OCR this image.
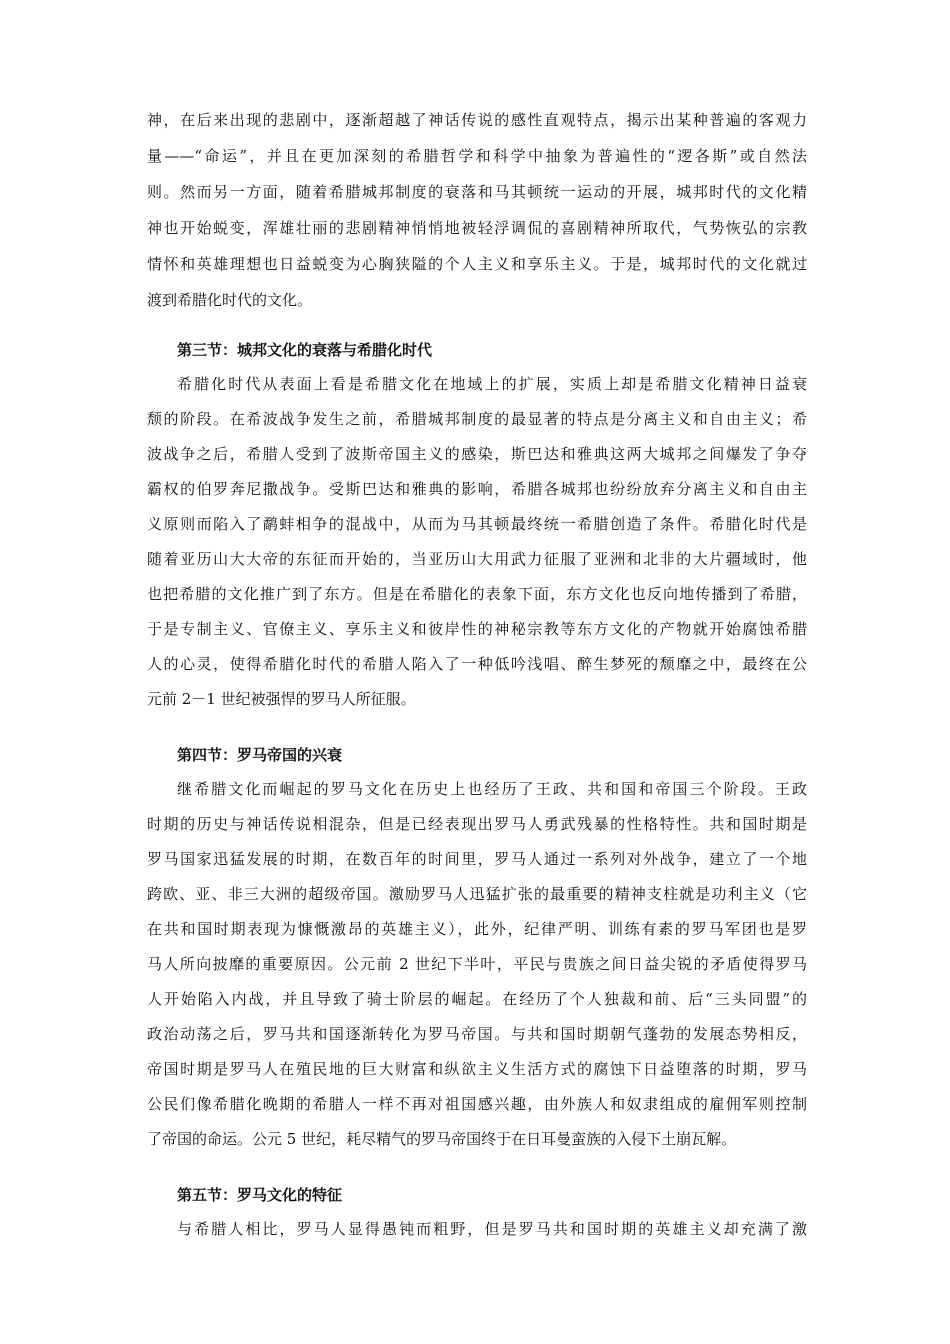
神，在后来出现的悲剧中，逐渐超越了神话传说的感性直观特点，揭示出某种普遍的客观力
量——“命运”，并且在更加深刻的希腊哲学和科学中抽象为普遍性的“逻各斯”或自然法
则。然而另一方面，随着希腊城邦制度的衰落和马其顿统一运动的开展，城邦时代的文化精
神也开始蜕变，浑雄壮丽的悲剧精神悄悄地被轻浮调侃的喜剧精神所取代，气势恢弘的宗教
情怀和英雄理想也日益蜕变为心胸狭隘的个人主义和享乐主义。于是，城邦时代的文化就过
渡到希腊化时代的文化。
第三节：城邦文化的衰落与希腊化时代
希腊化时代从表面上看是希腊文化在地域上的扩展，实质上却是希腊文化精神日益衰
颓的阶段。在希波战争发生之前，希腊城邦制度的最显著的特点是分离主义和自由主义；希
波战争之后，希腊人受到了波斯帝国主义的感染，斯巴达和雅典这两大城邦之间爆发了争夺
霸权的伯罗奔尼撒战争。受斯巴达和雅典的影响，希腊各城邦也纷纷放弃分离主义和自由主
义原则而陷入了鹬蚌相争的混战中，从而为马其顿最终统一希腊创造了条件。希腊化时代是
随着亚历山大大帝的东征而开始的，当亚历山大用武力征服了亚洲和北非的大片疆域时，他
也把希腊的文化推广到了东方。但是在希腊化的表象下面，东方文化也反向地传播到了希腊，
于是专制主义、官僚主义、享乐主义和彼岸性的神秘宗教等东方文化的产物就开始腐蚀希腊
人的心灵，使得希腊化时代的希腊人陷入了一种低吟浅唱、醉生梦死的颓靡之中，最终在公
元前 2－1 世纪被强悍的罗马人所征服。
第四节：罗马帝国的兴衰
继希腊文化而崛起的罗马文化在历史上也经历了王政、共和国和帝国三个阶段。王政
时期的历史与神话传说相混杂，但是已经表现出罗马人勇武残暴的性格特性。共和国时期是
罗马国家迅猛发展的时期，在数百年的时间里，罗马人通过一系列对外战争，建立了一个地
跨欧、亚、非三大洲的超级帝国。激励罗马人迅猛扩张的最重要的精神支柱就是功利主义（它
在共和国时期表现为慷慨激昂的英雄主义），此外，纪律严明、训练有素的罗马军团也是罗
马人所向披靡的重要原因。公元前 2 世纪下半叶，平民与贵族之间日益尖锐的矛盾使得罗马
人开始陷入内战，并且导致了骑士阶层的崛起。在经历了个人独裁和前、后“三头同盟”的
政治动荡之后，罗马共和国逐渐转化为罗马帝国。与共和国时期朝气蓬勃的发展态势相反，
帝国时期是罗马人在殖民地的巨大财富和纵欲主义生活方式的腐蚀下日益堕落的时期，罗马
公民们像希腊化晚期的希腊人一样不再对祖国感兴趣，由外族人和奴隶组成的雇佣军则控制
了帝国的命运。公元 5 世纪，耗尽精气的罗马帝国终于在日耳曼蛮族的入侵下土崩瓦解。
第五节：罗马文化的特征
与希腊人相比，罗马人显得愚钝而粗野，但是罗马共和国时期的英雄主义却充满了激
